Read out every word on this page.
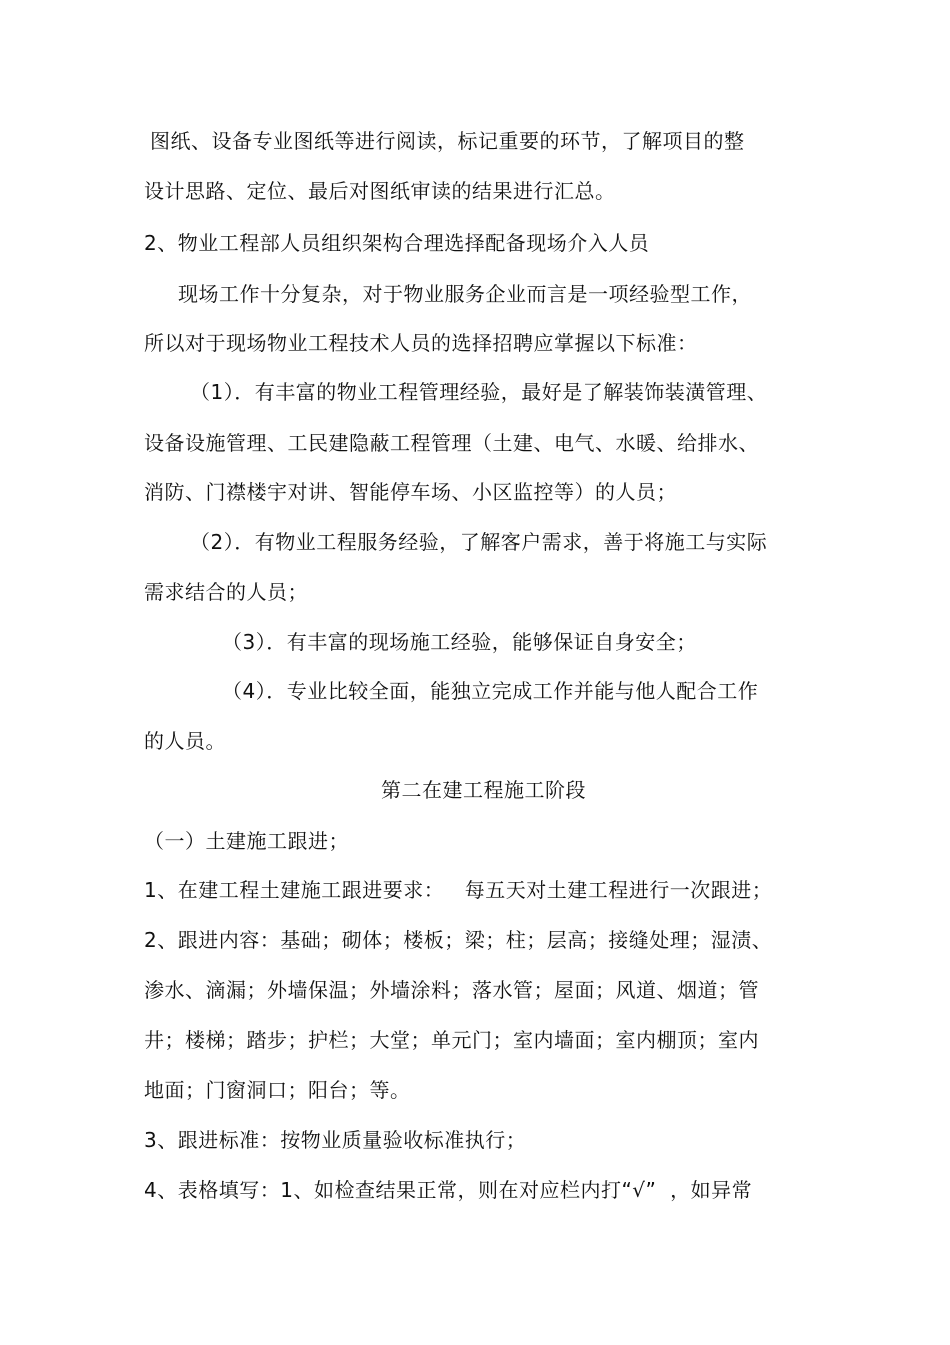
图纸、设备专业图纸等进行阅读，标记重要的环节，了解项目的整
设计思路、定位、最后对图纸审读的结果进行汇总。
2、物业工程部人员组织架构合理选择配备现场介入人员
现场工作十分复杂，对于物业服务企业而言是一项经验型工作，
所以对于现场物业工程技术人员的选择招聘应掌握以下标准：
（1）．有丰富的物业工程管理经验，最好是了解装饰装潢管理、
设备设施管理、工民建隐蔽工程管理（土建、电气、水暖、给排水、
消防、门襟楼宇对讲、智能停车场、小区监控等）的人员；
（2）．有物业工程服务经验，了解客户需求，善于将施工与实际
需求结合的人员；
（3）．有丰富的现场施工经验，能够保证自身安全；
（4）．专业比较全面，能独立完成工作并能与他人配合工作
的人员。
第二在建工程施工阶段
（一）土建施工跟进；
1、在建工程土建施工跟进要求：   每五天对土建工程进行一次跟进；
2、跟进内容：基础；砌体；楼板；梁；柱；层高；接缝处理；湿渍、
渗水、滴漏；外墙保温；外墙涂料；落水管；屋面；风道、烟道；管
井；楼梯；踏步；护栏；大堂；单元门；室内墙面；室内棚顶；室内
地面；门窗洞口；阳台；等。
3、跟进标准：按物业质量验收标准执行；
4、表格填写：1、如检查结果正常，则在对应栏内打“√”  ，如异常
